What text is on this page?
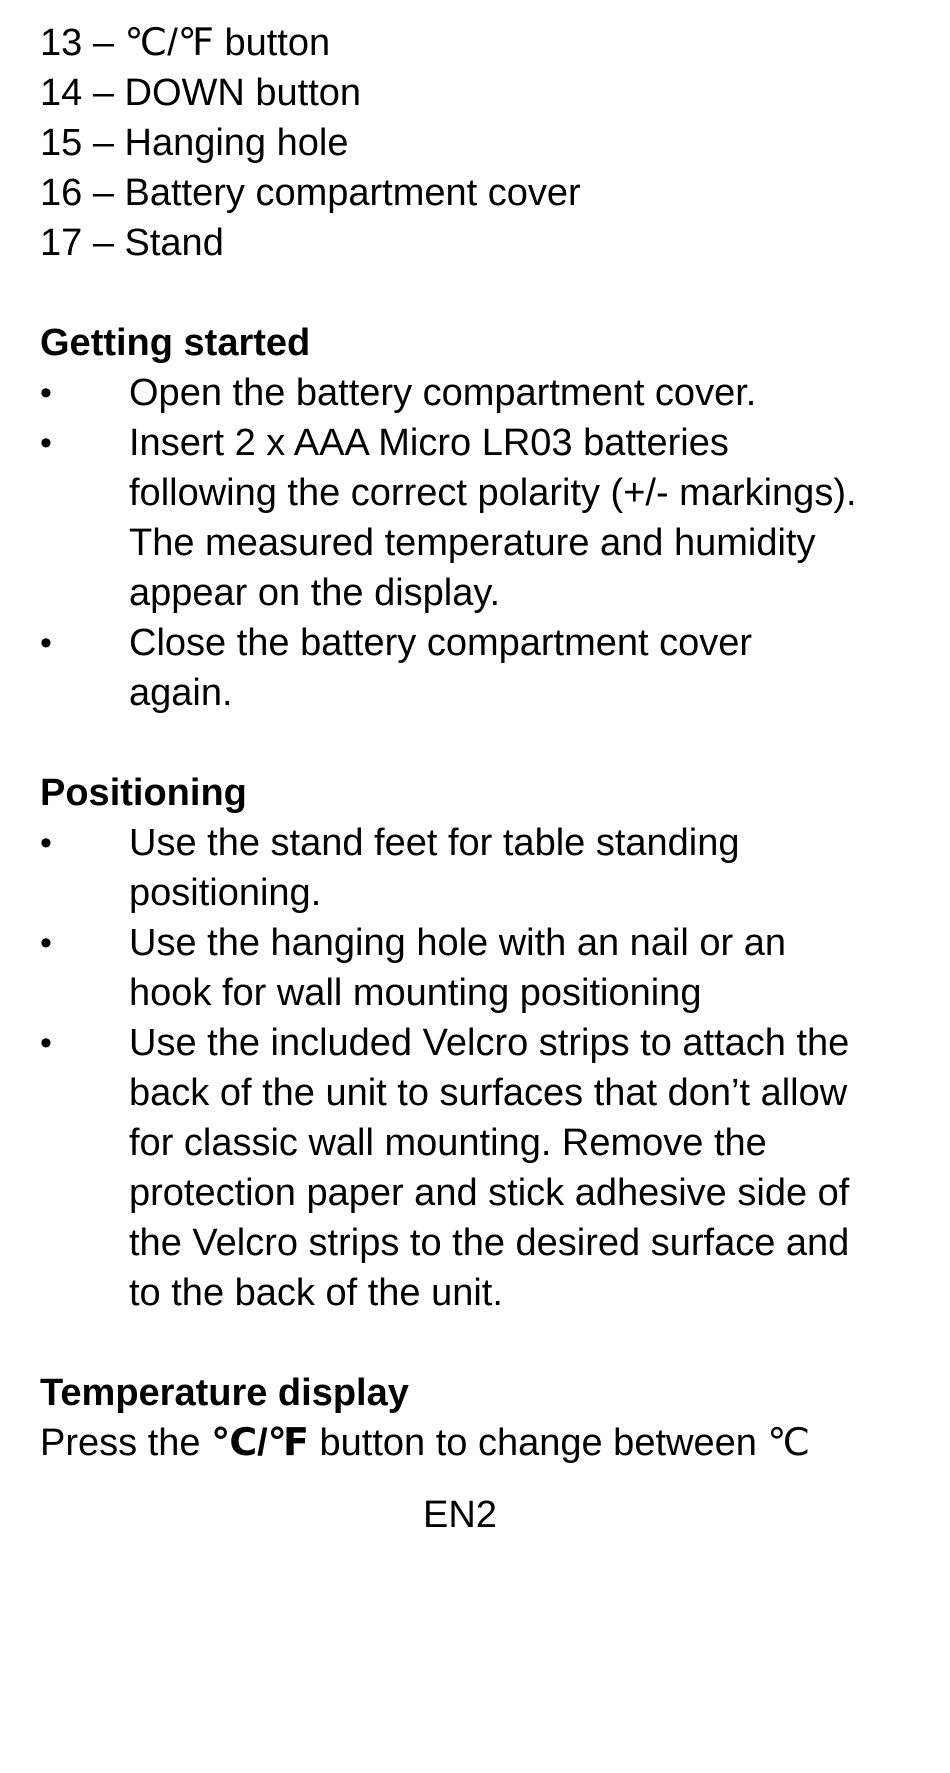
13 – ℃/℉ button
14 – DOWN button
15 – Hanging hole
16 – Battery compartment cover
17 – Stand
Getting started
•	Open the battery compartment cover.
•	Insert 2 x AAA Micro LR03 batteries
following the correct polarity (+/- markings).
The measured temperature and humidity
appear on the display.
•	Close the battery compartment cover
again.
Positioning
•	Use the stand feet for table standing
positioning.
•	Use the hanging hole with an nail or an
hook for wall mounting positioning
•	Use the included Velcro strips to attach the
back of the unit to surfaces that don’t allow
for classic wall mounting. Remove the
protection paper and stick adhesive side of
the Velcro strips to the desired surface and
to the back of the unit.
Temperature display
Press the ℃/℉ button to change between ℃
EN2
